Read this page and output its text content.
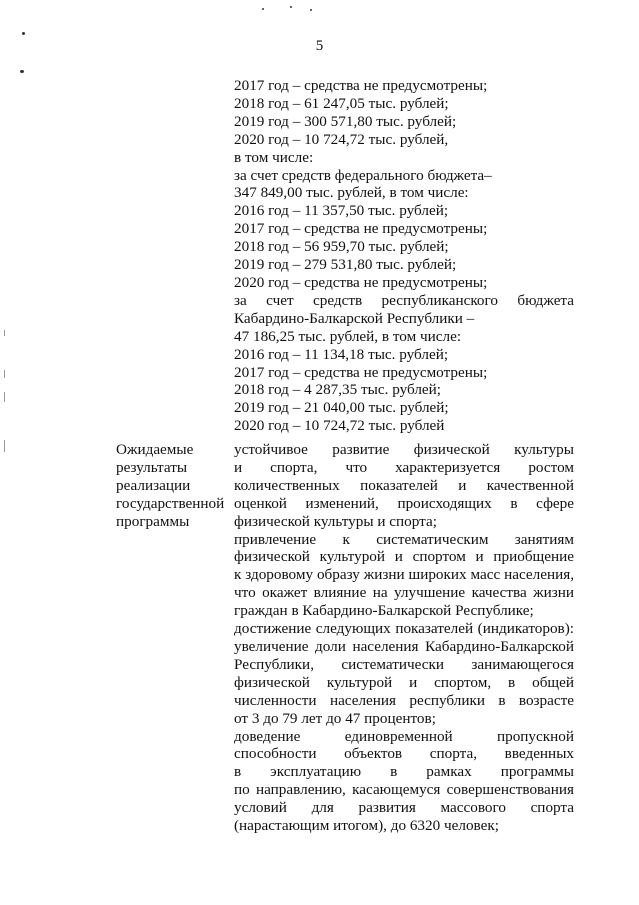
5
2017 год – средства не предусмотрены;
2018 год – 61 247,05 тыс. рублей;
2019 год – 300 571,80 тыс. рублей;
2020 год – 10 724,72 тыс. рублей,
в том числе:
за счет средств федерального бюджета–
347 849,00 тыс. рублей, в том числе:
2016 год – 11 357,50 тыс. рублей;
2017 год – средства не предусмотрены;
2018 год – 56 959,70 тыс. рублей;
2019 год – 279 531,80 тыс. рублей;
2020 год – средства не предусмотрены;
за счет средств республиканского бюджета
Кабардино-Балкарской Республики –
47 186,25 тыс. рублей, в том числе:
2016 год – 11 134,18 тыс. рублей;
2017 год – средства не предусмотрены;
2018 год – 4 287,35 тыс. рублей;
2019 год – 21 040,00 тыс. рублей;
2020 год – 10 724,72 тыс. рублей
Ожидаемые
результаты
реализации
государственной
программы
устойчивое развитие физической культуры
и спорта, что характеризуется ростом
количественных показателей и качественной
оценкой изменений, происходящих в сфере
физической культуры и спорта;
привлечение к систематическим занятиям
физической культурой и спортом и приобщение
к здоровому образу жизни широких масс населения,
что окажет влияние на улучшение качества жизни
граждан в Кабардино-Балкарской Республике;
достижение следующих показателей (индикаторов):
увеличение доли населения Кабардино-Балкарской
Республики, систематически занимающегося
физической культурой и спортом, в общей
численности населения республики в возрасте
от 3 до 79 лет до 47 процентов;
доведение единовременной пропускной
способности объектов спорта, введенных
в эксплуатацию в рамках программы
по направлению, касающемуся совершенствования
условий для развития массового спорта
(нарастающим итогом), до 6320 человек;
